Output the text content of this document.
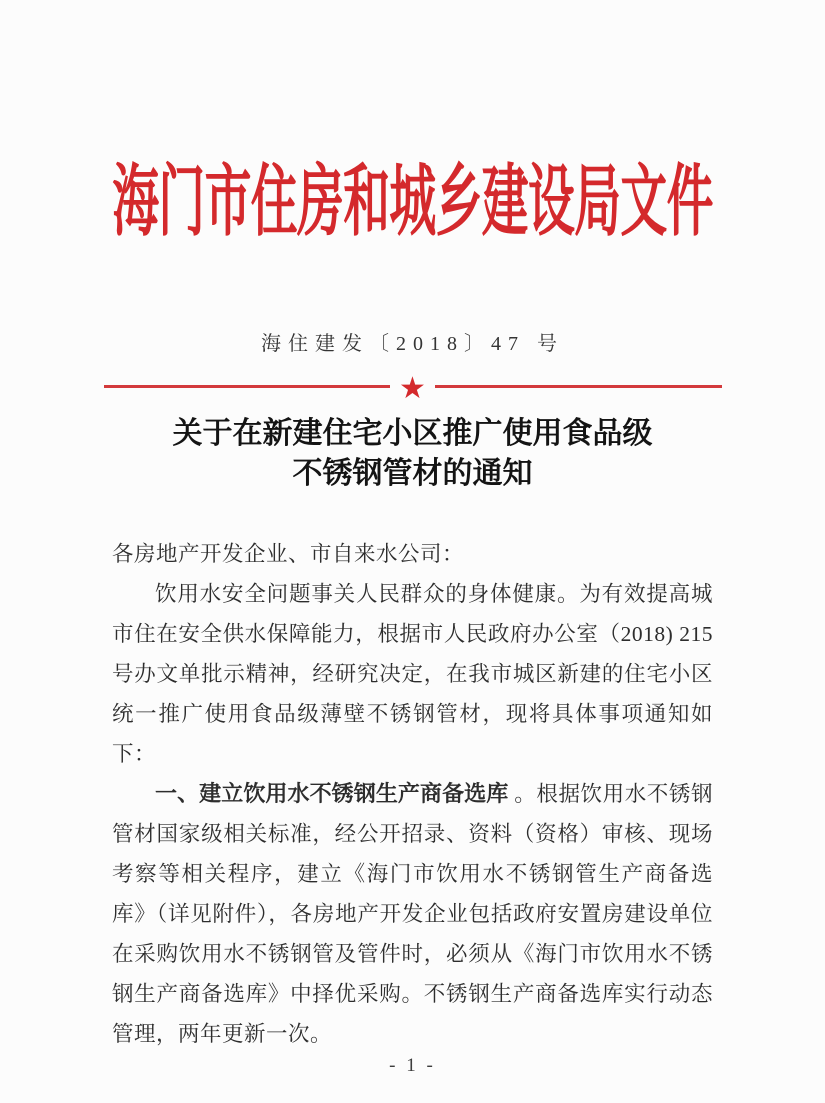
海门市住房和城乡建设局文件
海住建发〔2018〕47 号
★
关于在新建住宅小区推广使用食品级
不锈钢管材的通知

各房地产开发企业、市自来水公司：

饮用水安全问题事关人民群众的身体健康。为有效提高城市住在安全供水保障能力，根据市人民政府办公室（2018) 215 号办文单批示精神，经研究决定，在我市城区新建的住宅小区统一推广使用食品级薄壁不锈钢管材，现将具体事项通知如下：

一、建立饮用水不锈钢生产商备选库 。根据饮用水不锈钢管材国家级相关标准，经公开招录、资料（资格）审核、现场考察等相关程序，建立《海门市饮用水不锈钢管生产商备选库》（详见附件），各房地产开发企业包括政府安置房建设单位在采购饮用水不锈钢管及管件时，必须从《海门市饮用水不锈钢生产商备选库》中择优采购。不锈钢生产商备选库实行动态管理，两年更新一次。

- 1 -
